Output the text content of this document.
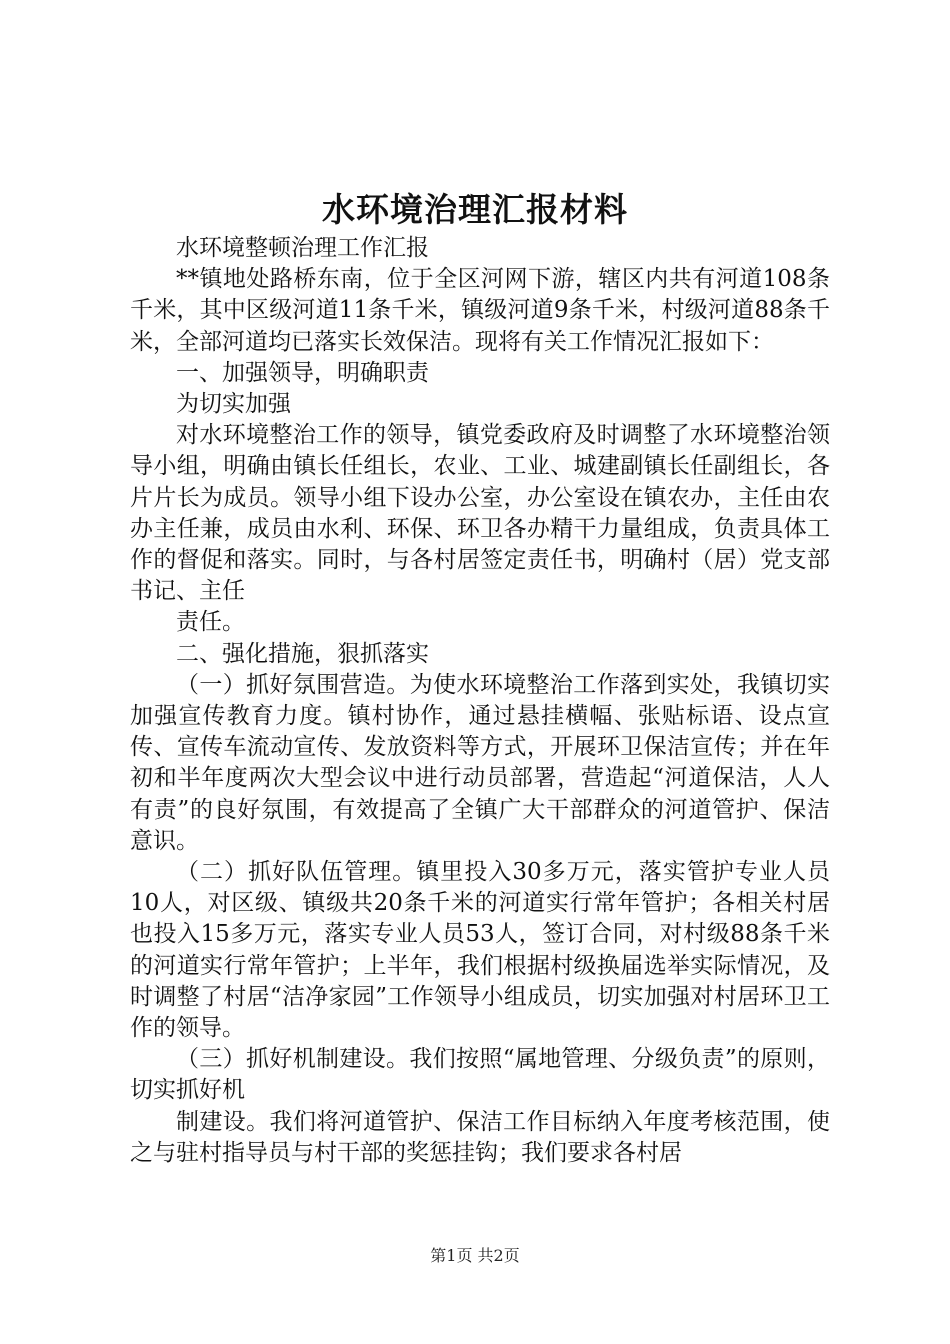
水环境治理汇报材料

水环境整顿治理工作汇报

**镇地处路桥东南，位于全区河网下游，辖区内共有河道108条千米，其中区级河道11条千米，镇级河道9条千米，村级河道88条千米，全部河道均已落实长效保洁。现将有关工作情况汇报如下：

一、加强领导，明确职责

为切实加强

对水环境整治工作的领导，镇党委政府及时调整了水环境整治领导小组，明确由镇长任组长，农业、工业、城建副镇长任副组长，各片片长为成员。领导小组下设办公室，办公室设在镇农办，主任由农办主任兼，成员由水利、环保、环卫各办精干力量组成，负责具体工作的督促和落实。同时，与各村居签定责任书，明确村（居）党支部书记、主任

责任。

二、强化措施，狠抓落实

（一）抓好氛围营造。为使水环境整治工作落到实处，我镇切实加强宣传教育力度。镇村协作，通过悬挂横幅、张贴标语、设点宣传、宣传车流动宣传、发放资料等方式，开展环卫保洁宣传；并在年初和半年度两次大型会议中进行动员部署，营造起“河道保洁，人人有责”的良好氛围，有效提高了全镇广大干部群众的河道管护、保洁意识。

（二）抓好队伍管理。镇里投入30多万元，落实管护专业人员10人，对区级、镇级共20条千米的河道实行常年管护；各相关村居也投入15多万元，落实专业人员53人，签订合同，对村级88条千米的河道实行常年管护；上半年，我们根据村级换届选举实际情况，及时调整了村居“洁净家园”工作领导小组成员，切实加强对村居环卫工作的领导。

（三）抓好机制建设。我们按照“属地管理、分级负责”的原则，切实抓好机

制建设。我们将河道管护、保洁工作目标纳入年度考核范围，使之与驻村指导员与村干部的奖惩挂钩；我们要求各村居

第1页 共2页
